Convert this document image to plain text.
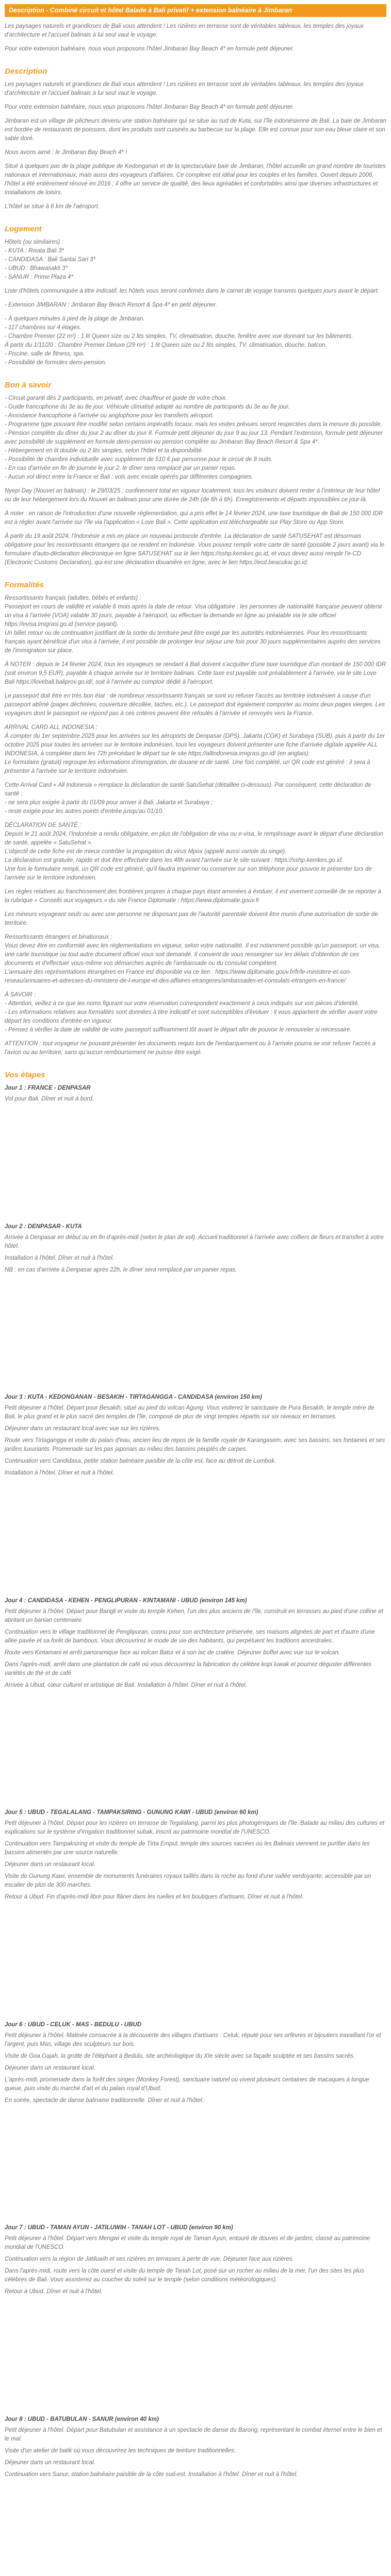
Description - Combiné circuit et hôtel Balade à Bali privatif + extension balnéaire à Jimbaran

Les paysages naturels et grandioses de Bali vous attendent ! Les rizières en terrasse sont de véritables tableaux, les temples des joyaux d'architecture et l'accueil balinais à lui seul vaut le voyage.

Pour votre extension balnéaire, nous vous proposons l'hôtel Jimbaran Bay Beach 4* en formule petit déjeuner.

Description

Les paysages naturels et grandioses de Bali vous attendent ! Les rizières en terrasse sont de véritables tableaux, les temples des joyaux d'architecture et l'accueil balinais à lui seul vaut le voyage.

Pour votre extension balnéaire, nous vous proposons l'hôtel Jimbaran Bay Beach 4* en formule petit déjeuner.

Jimbaran est un village de pêcheurs devenu une station balnéaire qui se situe au sud de Kuta, sur l'île indonésienne de Bali. La baie de Jimbaran est bordée de restaurants de poissons, dont les produits sont cuisinés au barbecue sur la plage. Elle est connue pour son eau bleue claire et son sable doré.

Nous avons aimé : le Jimbaran Bay Beach 4* !

Situé à quelques pas de la plage publique de Kedonganan et de la spectaculaire baie de Jimbaran, l'hôtel accueille un grand nombre de touristes nationaux et internationaux, mais aussi des voyageurs d'affaires. Ce complexe est idéal pour les couples et les familles. Ouvert depuis 2006, l'hôtel a été entièrement rénové en 2016 ; il offre un service de qualité, des lieux agréables et confortables ainsi que diverses infrastructures et installations de loisirs.

L'hôtel se situe à 6 km de l'aéroport.

Logement

Hôtels (ou similaires) :
- KUTA : Risata Bali 3*
- CANDIDASA : Bali Santai Sari 3*
- UBUD : Bhawasakti 3*
- SANUR : Prime Plaza 4*

Liste d'hôtels communiquée à titre indicatif, les hôtels vous seront confirmés dans le carnet de voyage transmis quelques jours avant le départ.

- Extension JIMBARAN : Jimbaran Bay Beach Resort & Spa 4* en petit déjeuner.

- À quelques minutes à pied de la plage de Jimbaran.
- 117 chambres sur 4 étages.
- Chambre Premier (22 m²) : 1 lit Queen size ou 2 lits simples, TV, climatisation, douche, fenêtre avec vue donnant sur les bâtiments.
À partir du 1/11/20 : Chambre Premier Deluxe (29 m²) : 1 lit Queen size ou 2 lits simples, TV, climatisation, douche, balcon.
- Piscine, salle de fitness, spa.
- Possibilité de formules demi-pension.

Bon à savoir

- Circuit garanti dès 2 participants, en privatif, avec chauffeur et guide de votre choix.
- Guide francophone du 3e au 8e jour. Véhicule climatisé adapté au nombre de participants du 3e au 8e jour.
- Assistance francophone à l'arrivée ou anglophone pour les transferts aéroport.
- Programme type pouvant être modifié selon certains impératifs locaux, mais les visites prévues seront respectées dans la mesure du possible.
- Pension complète du dîner du jour 2 au dîner du jour 8. Formule petit déjeuner du jour 9 au jour 13. Pendant l'extension, formule petit déjeuner avec possibilité de supplément en formule demi-pension ou pension complète au Jimbaran Bay Beach Resort & Spa 4*.
- Hébergement en lit double ou 2 lits simples, selon l'hôtel et la disponibilité.
- Possibilité de chambre individuelle avec supplément de 510 € par personne pour le circuit de 8 nuits.
- En cas d'arrivée en fin de journée le jour 2, le dîner sera remplacé par un panier repas.
- Aucun vol direct entre la France et Bali : vols avec escale opérés par différentes compagnies.

Nyepi Day (Nouvel an balinais) : le 29/03/25 : confinement total en vigueur localement, tous les visiteurs doivent rester à l'intérieur de leur hôtel ou de leur hébergement lors du Nouvel an balinais pour une durée de 24h (de 6h à 6h). Enregistrements et départs impossibles ce jour-là.

À noter : en raison de l'introduction d'une nouvelle réglementation, qui a pris effet le 14 février 2024, une taxe touristique de Bali de 150 000 IDR est à régler avant l'arrivée sur l'île via l'application « Love Bali ». Cette application est téléchargeable sur Play Store ou App Store.

À partir du 19 août 2024, l'Indonésie a mis en place un nouveau protocole d'entrée. La déclaration de santé SATUSEHAT est désormais obligatoire pour les ressortissants étrangers qui se rendent en Indonésie. Vous pouvez remplir votre carte de santé (possible 2 jours avant) via le formulaire d'auto-déclaration électronique en ligne SATUSEHAT sur le lien https://sshp.kemkes.go.id, et vous devez aussi remplir l'e-CD (Electronic Customs Declaration), qui est une déclaration douanière en ligne, avec le lien https://ecd.beacukai.go.id.

Formalités

Ressortissants français (adultes, bébés et enfants) :
Passeport en cours de validité et valable 6 mois après la date de retour. Visa obligatoire : les personnes de nationalité française peuvent obtenir un visa à l'arrivée (VOA) valable 30 jours, payable à l'aéroport, ou effectuer la demande en ligne au préalable via le site officiel https://evisa.imigrasi.go.id (service payant).
Un billet retour ou de continuation justifiant de la sortie du territoire peut être exigé par les autorités indonésiennes. Pour les ressortissants français ayant bénéficié d'un visa à l'arrivée, il est possible de prolonger leur séjour une fois pour 30 jours supplémentaires auprès des services de l'immigration sur place.

À NOTER : depuis le 14 février 2024, tous les voyageurs se rendant à Bali doivent s'acquitter d'une taxe touristique d'un montant de 150 000 IDR (soit environ 9,5 EUR), payable à chaque arrivée sur le territoire balinais. Cette taxe est payable soit préalablement à l'arrivée, via le site Love Bali https://lovebali.baliprov.go.id/, soit à l'arrivée au comptoir dédié à l'aéroport.

Le passeport doit être en très bon état : de nombreux ressortissants français se sont vu refuser l'accès au territoire indonésien à cause d'un passeport abîmé (pages déchirées, couverture décollée, taches, etc.). Le passeport doit également comporter au moins deux pages vierges. Les voyageurs dont le passeport ne répond pas à ces critères peuvent être refoulés à l'arrivée et renvoyés vers la France.

ARRIVAL CARD ALL INDONESIA :
À compter du 1er septembre 2025 pour les arrivées sur les aéroports de Denpasar (DPS), Jakarta (CGK) et Surabaya (SUB), puis à partir du 1er octobre 2025 pour toutes les arrivées sur le territoire indonésien, tous les voyageurs doivent présenter une fiche d'arrivée digitale appelée ALL INDONESIA, à compléter dans les 72h précédant le départ sur le site https://allindonesia.imigrasi.go.id/ (en anglais).
Le formulaire (gratuit) regroupe les informations d'immigration, de douane et de santé. Une fois complété, un QR code est généré : il sera à présenter à l'arrivée sur le territoire indonésien.

Cette Arrival Card « All Indonesia » remplace la déclaration de santé SatuSehat (détaillée ci-dessous). Par conséquent, cette déclaration de santé :
- ne sera plus exigée à partir du 01/09 pour arriver à Bali, Jakarta et Surabaya ;
- reste exigée pour les autres points d'entrée jusqu'au 01/10.

DÉCLARATION DE SANTÉ :
Depuis le 21 août 2024, l'Indonésie a rendu obligatoire, en plus de l'obligation de visa ou e-visa, le remplissage avant le départ d'une déclaration de santé, appelée « SatuSehat ».
L'objectif de cette fiche est de mieux contrôler la propagation du virus Mpox (appelé aussi variole du singe).
La déclaration est gratuite, rapide et doit être effectuée dans les 48h avant l'arrivée sur le site suivant : https://sshp.kemkes.go.id.
Une fois le formulaire rempli, un QR code est généré, qu'il faudra imprimer ou conserver sur son téléphone pour pouvoir le présenter lors de l'arrivée sur le territoire indonésien.

Les règles relatives au franchissement des frontières propres à chaque pays étant amenées à évoluer, il est vivement conseillé de se reporter à la rubrique « Conseils aux voyageurs » du site France Diplomatie : https://www.diplomatie.gouv.fr

Les mineurs voyageant seuls ou avec une personne ne disposant pas de l'autorité parentale doivent être munis d'une autorisation de sortie de territoire.

Ressortissants étrangers et binationaux :
Vous devez être en conformité avec les réglementations en vigueur, selon votre nationalité. Il est notamment possible qu'un passeport, un visa, une carte touristique ou tout autre document officiel vous soit demandé. Il convient de vous renseigner sur les délais d'obtention de ces documents et d'effectuer vous-même vos démarches auprès de l'ambassade ou du consulat compétent.
L'annuaire des représentations étrangères en France est disponible via ce lien : https://www.diplomatie.gouv.fr/fr/le-ministere-et-son-reseau/annuaires-et-adresses-du-ministere-de-l-europe-et-des-affaires-etrangeres/ambassades-et-consulats-etrangers-en-france/

À SAVOIR :
- Attention, veillez à ce que les noms figurant sur votre réservation correspondent exactement à ceux indiqués sur vos pièces d'identité.
- Les informations relatives aux formalités sont données à titre indicatif et sont susceptibles d'évoluer : il vous appartient de vérifier avant votre départ les conditions d'entrée en vigueur.
- Pensez à vérifier la date de validité de votre passeport suffisamment tôt avant le départ afin de pouvoir le renouveler si nécessaire.

ATTENTION : tout voyageur ne pouvant présenter les documents requis lors de l'embarquement ou à l'arrivée pourra se voir refuser l'accès à l'avion ou au territoire, sans qu'aucun remboursement ne puisse être exigé.

Vos étapes
Jour 1 : FRANCE - DENPASAR

Vol pour Bali. Dîner et nuit à bord.

Jour 2 : DENPASAR - KUTA

Arrivée à Denpasar en début ou en fin d'après-midi (selon le plan de vol). Accueil traditionnel à l'arrivée avec colliers de fleurs et transfert à votre hôtel.

Installation à l'hôtel. Dîner et nuit à l'hôtel.

NB : en cas d'arrivée à Denpasar après 22h, le dîner sera remplacé par un panier repas.

Jour 3 : KUTA - KEDONGANAN - BESAKIH - TIRTAGANGGA - CANDIDASA (environ 150 km)

Petit déjeuner à l'hôtel. Départ pour Besakih, situé au pied du volcan Agung. Vous visiterez le sanctuaire de Pura Besakih, le temple mère de Bali, le plus grand et le plus sacré des temples de l'île, composé de plus de vingt temples répartis sur six niveaux en terrasses.

Déjeuner dans un restaurant local avec vue sur les rizières.

Route vers Tirtagangga et visite du palais d'eau, ancien lieu de repos de la famille royale de Karangasem, avec ses bassins, ses fontaines et ses jardins luxuriants. Promenade sur les pas japonais au milieu des bassins peuplés de carpes.

Continuation vers Candidasa, petite station balnéaire paisible de la côte est, face au détroit de Lombok.

Installation à l'hôtel. Dîner et nuit à l'hôtel.

Jour 4 : CANDIDASA - KEHEN - PENGLIPURAN - KINTAMANI - UBUD (environ 145 km)

Petit déjeuner à l'hôtel. Départ pour Bangli et visite du temple Kehen, l'un des plus anciens de l'île, construit en terrasses au pied d'une colline et abritant un banian centenaire.

Continuation vers le village traditionnel de Penglipuran, connu pour son architecture préservée, ses maisons alignées de part et d'autre d'une allée pavée et sa forêt de bambous. Vous découvrirez le mode de vie des habitants, qui perpétuent les traditions ancestrales.

Route vers Kintamani et arrêt panoramique face au volcan Batur et à son lac de cratère. Déjeuner buffet avec vue sur le volcan.

Dans l'après-midi, arrêt dans une plantation de café où vous découvrirez la fabrication du célèbre kopi luwak et pourrez déguster différentes variétés de thé et de café.

Arrivée à Ubud, cœur culturel et artistique de Bali. Installation à l'hôtel. Dîner et nuit à l'hôtel.

Jour 5 : UBUD - TEGALALANG - TAMPAKSIRING - GUNUNG KAWI - UBUD (environ 60 km)

Petit déjeuner à l'hôtel. Départ pour les rizières en terrasse de Tegalalang, parmi les plus photogéniques de l'île. Balade au milieu des cultures et explications sur le système d'irrigation traditionnel subak, inscrit au patrimoine mondial de l'UNESCO.

Continuation vers Tampaksiring et visite du temple de Tirta Empul, temple des sources sacrées où les Balinais viennent se purifier dans les bassins alimentés par une source naturelle.

Déjeuner dans un restaurant local.

Visite de Gunung Kawi, ensemble de monuments funéraires royaux taillés dans la roche au fond d'une vallée verdoyante, accessible par un escalier de plus de 300 marches.

Retour à Ubud. Fin d'après-midi libre pour flâner dans les ruelles et les boutiques d'artisans. Dîner et nuit à l'hôtel.

Jour 6 : UBUD - CELUK - MAS - BEDULU - UBUD

Petit déjeuner à l'hôtel. Matinée consacrée à la découverte des villages d'artisans : Celuk, réputé pour ses orfèvres et bijoutiers travaillant l'or et l'argent, puis Mas, village des sculpteurs sur bois.

Visite de Goa Gajah, la grotte de l'éléphant à Bedulu, site archéologique du XIe siècle avec sa façade sculptée et ses bassins sacrés.

Déjeuner dans un restaurant local.

L'après-midi, promenade dans la forêt des singes (Monkey Forest), sanctuaire naturel où vivent plusieurs centaines de macaques à longue queue, puis visite du marché d'art et du palais royal d'Ubud.

En soirée, spectacle de danse balinaise traditionnelle. Dîner et nuit à l'hôtel.

Jour 7 : UBUD - TAMAN AYUN - JATILUWIH - TANAH LOT - UBUD (environ 90 km)

Petit déjeuner à l'hôtel. Départ vers Mengwi et visite du temple royal de Taman Ayun, entouré de douves et de jardins, classé au patrimoine mondial de l'UNESCO.

Continuation vers la région de Jatiluwih et ses rizières en terrasses à perte de vue. Déjeuner face aux rizières.

Dans l'après-midi, route vers la côte ouest et visite du temple de Tanah Lot, posé sur un rocher au milieu de la mer, l'un des sites les plus célèbres de Bali. Vous assisterez au coucher du soleil sur le temple (selon conditions météorologiques).

Retour à Ubud. Dîner et nuit à l'hôtel.

Jour 8 : UBUD - BATUBULAN - SANUR (environ 40 km)

Petit déjeuner à l'hôtel. Départ pour Batubulan et assistance à un spectacle de danse du Barong, représentant le combat éternel entre le bien et le mal.

Visite d'un atelier de batik où vous découvrirez les techniques de teinture traditionnelles.

Déjeuner dans un restaurant local.

Continuation vers Sanur, station balnéaire paisible de la côte sud-est. Installation à l'hôtel. Dîner et nuit à l'hôtel.
